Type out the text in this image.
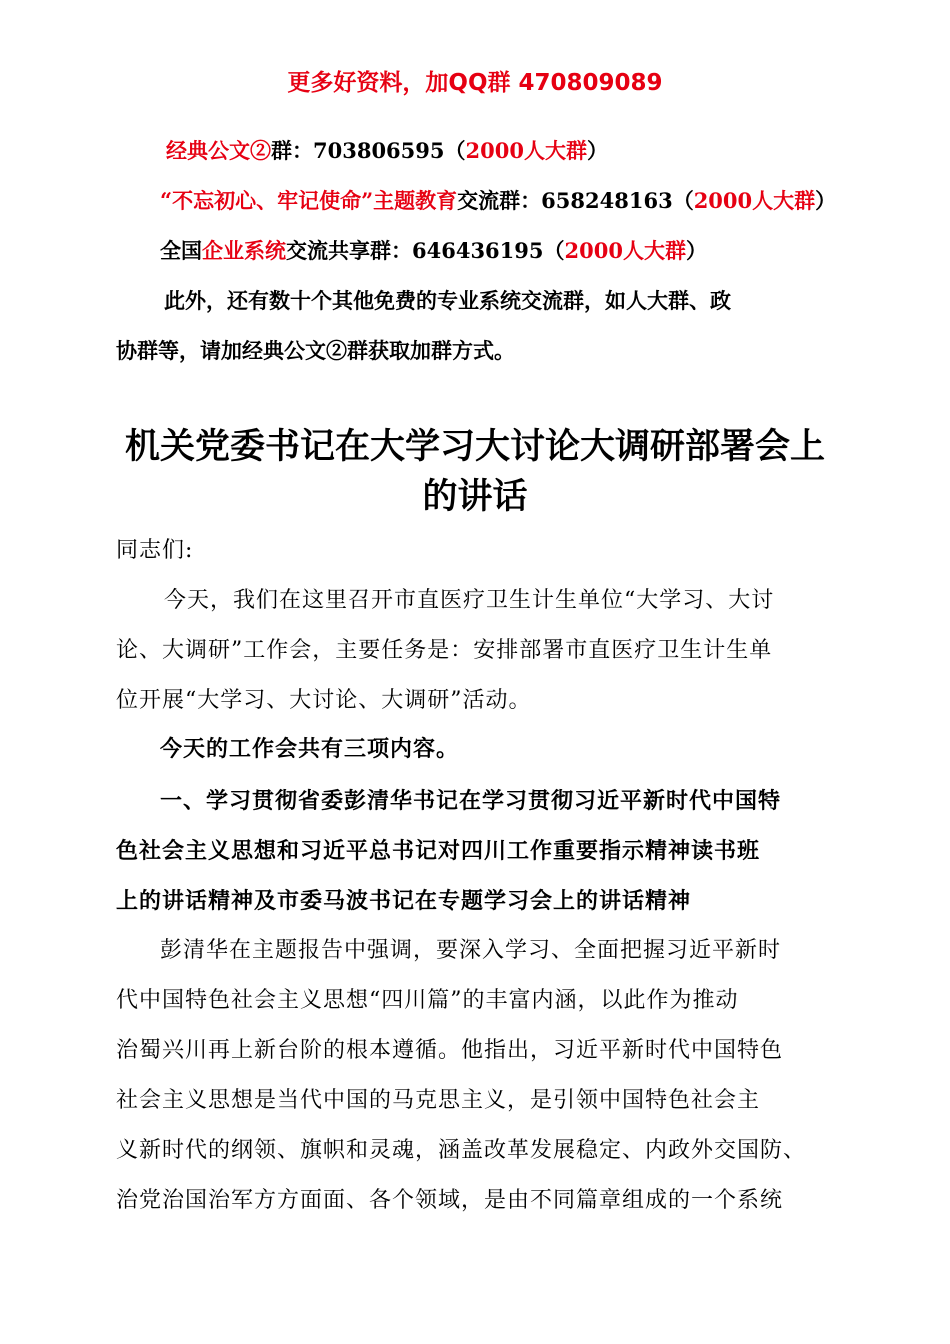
更多好资料，加QQ群 470809089
经典公文②群：703806595（2000人大群）
“不忘初心、牢记使命”主题教育交流群：658248163（2000人大群）
全国企业系统交流共享群：646436195（2000人大群）
此外，还有数十个其他免费的专业系统交流群，如人大群、政
协群等，请加经典公文②群获取加群方式。
机关党委书记在大学习大讨论大调研部署会上
的讲话
同志们:
今天，我们在这里召开市直医疗卫生计生单位“大学习、大讨
论、大调研”工作会，主要任务是：安排部署市直医疗卫生计生单
位开展“大学习、大讨论、大调研”活动。
今天的工作会共有三项内容。
一、学习贯彻省委彭清华书记在学习贯彻习近平新时代中国特
色社会主义思想和习近平总书记对四川工作重要指示精神读书班
上的讲话精神及市委马波书记在专题学习会上的讲话精神
彭清华在主题报告中强调，要深入学习、全面把握习近平新时
代中国特色社会主义思想“四川篇”的丰富内涵，以此作为推动
治蜀兴川再上新台阶的根本遵循。他指出，习近平新时代中国特色
社会主义思想是当代中国的马克思主义，是引领中国特色社会主
义新时代的纲领、旗帜和灵魂，涵盖改革发展稳定、内政外交国防、
治党治国治军方方面面、各个领域，是由不同篇章组成的一个系统
